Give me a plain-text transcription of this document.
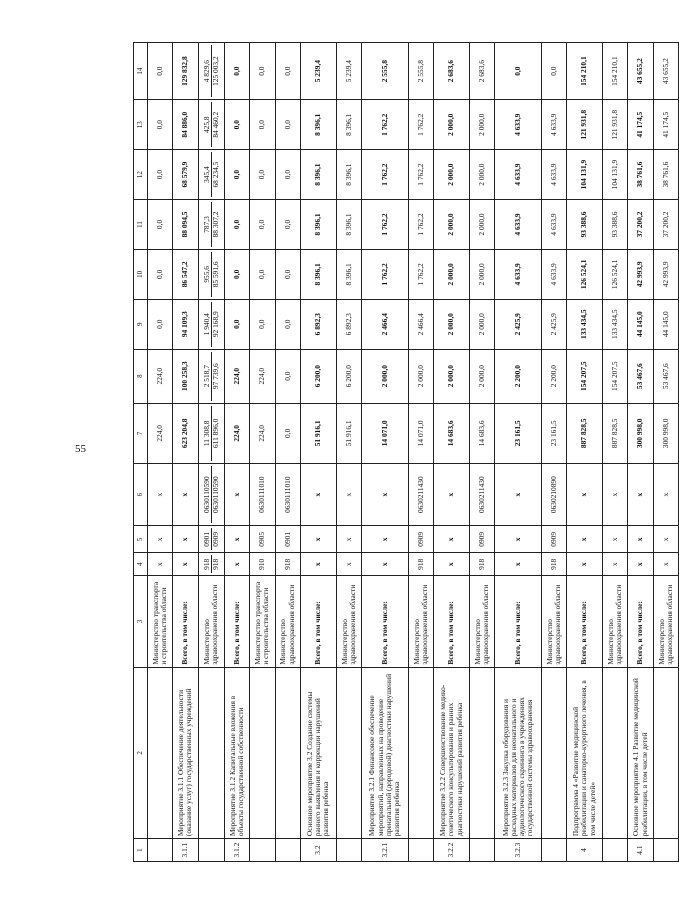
55
1	2	3	4	5	6	7	8	9	10	11	12	13	14
		Министерство транспорта и строительства области	x	x	x	224,0	224,0	0,0	0,0	0,0	0,0	0,0	0,0
3.1.1	Мероприятие 3.1.1 Обеспечение деятельности (оказание услуг) государственных учреждений	Всего, в том числе:	x	x	x	623 204,8	100 258,3	94 109,3	86 547,2	88 094,5	68 579,9	84 886,0	129 832,8
		Министерство здравоохранения области	918 918	0901 0909	0630110590 0630110590	11 308,8 611 896,0	2 518,7 97 739,6	1 940,4 92 168,9	955,6 85 591,6	787,3 88 307,2	345,4 68 234,5	425,8 84 460,2	4 829,6 125 003,2

3.1.2	Мероприятие 3.1.2 Капитальные вложения в объекты государственной собственности	Всего, в том числе:	x	x	x	224,0	224,0	0,0	0,0	0,0	0,0	0,0	0,0
		Министерство транспорта и строительства области	910	0905	0630111010	224,0	224,0	0,0	0,0	0,0	0,0	0,0	0,0
		Министерство здравоохранения области	918	0901	0630111010	0,0	0,0	0,0	0,0	0,0	0,0	0,0	0,0
3.2	Основное мероприятие 3.2 Создание системы раннего выявления и коррекции нарушений развития ребенка	Всего, в том числе:	x	x	x	51 916,1	6 200,0	6 892,3	8 396,1	8 396,1	8 396,1	8 396,1	5 239,4
		Министерство здравоохранения области	x	x	x	51 916,1	6 200,0	6 892,3	8 396,1	8 396,1	8 396,1	8 396,1	5 239,4
3.2.1	Мероприятие 3.2.1 Финансовое обеспечение мероприятий, направленных на проведение пренатальной (дородовой) диагностики нарушений развития ребенка	Всего, в том числе:	x	x	x	14 071,0	2 000,0	2 466,4	1 762,2	1 762,2	1 762,2	1 762,2	2 555,8
		Министерство здравоохранения области	918	0909	0630211430	14 071,0	2 000,0	2 466,4	1 762,2	1 762,2	1 762,2	1 762,2	2 555,8
3.2.2	Мероприятие 3.2.2 Совершенствование медико-генетического консультирования и ранних диагностики нарушений развития ребенка	Всего, в том числе:	x	x	x	14 683,6	2 000,0	2 000,0	2 000,0	2 000,0	2 000,0	2 000,0	2 683,6
		Министерство здравоохранения области	918	0909	0630211430	14 683,6	2 000,0	2 000,0	2 000,0	2 000,0	2 000,0	2 000,0	2 683,6
3.2.3	Мероприятие 3.2.3 Закупка оборудования и расходных материалов для неонатального и аудиологического скрининга в учреждениях государственной системы здравоохранения	Всего, в том числе:	x	x	x	23 161,5	2 200,0	2 425,9	4 633,9	4 633,9	4 633,9	4 633,9	0,0
		Министерство здравоохранения области	918	0909	0630210890	23 161,5	2 200,0	2 425,9	4 633,9	4 633,9	4 633,9	4 633,9	0,0
4	Подпрограмма 4 «Развитие медицинской реабилитации и санаторно-курортного лечения, в том числе детей»	Всего, в том числе:	x	x	x	887 828,5	154 207,5	133 434,5	126 524,1	93 388,6	104 131,9	121 931,8	154 210,1
		Министерство здравоохранения области	x	x	x	887 828,5	154 207,5	133 434,5	126 524,1	93 388,6	104 131,9	121 931,8	154 210,1
4.1	Основное мероприятие 4.1 Развитие медицинской реабилитации, в том числе детей	Всего, в том числе:	x	x	x	300 998,0	53 467,6	44 145,0	42 993,9	37 200,2	38 761,6	41 174,5	43 655,2
		Министерство здравоохранения области	x	x	x	300 998,0	53 467,6	44 145,0	42 993,9	37 200,2	38 761,6	41 174,5	43 655,2
